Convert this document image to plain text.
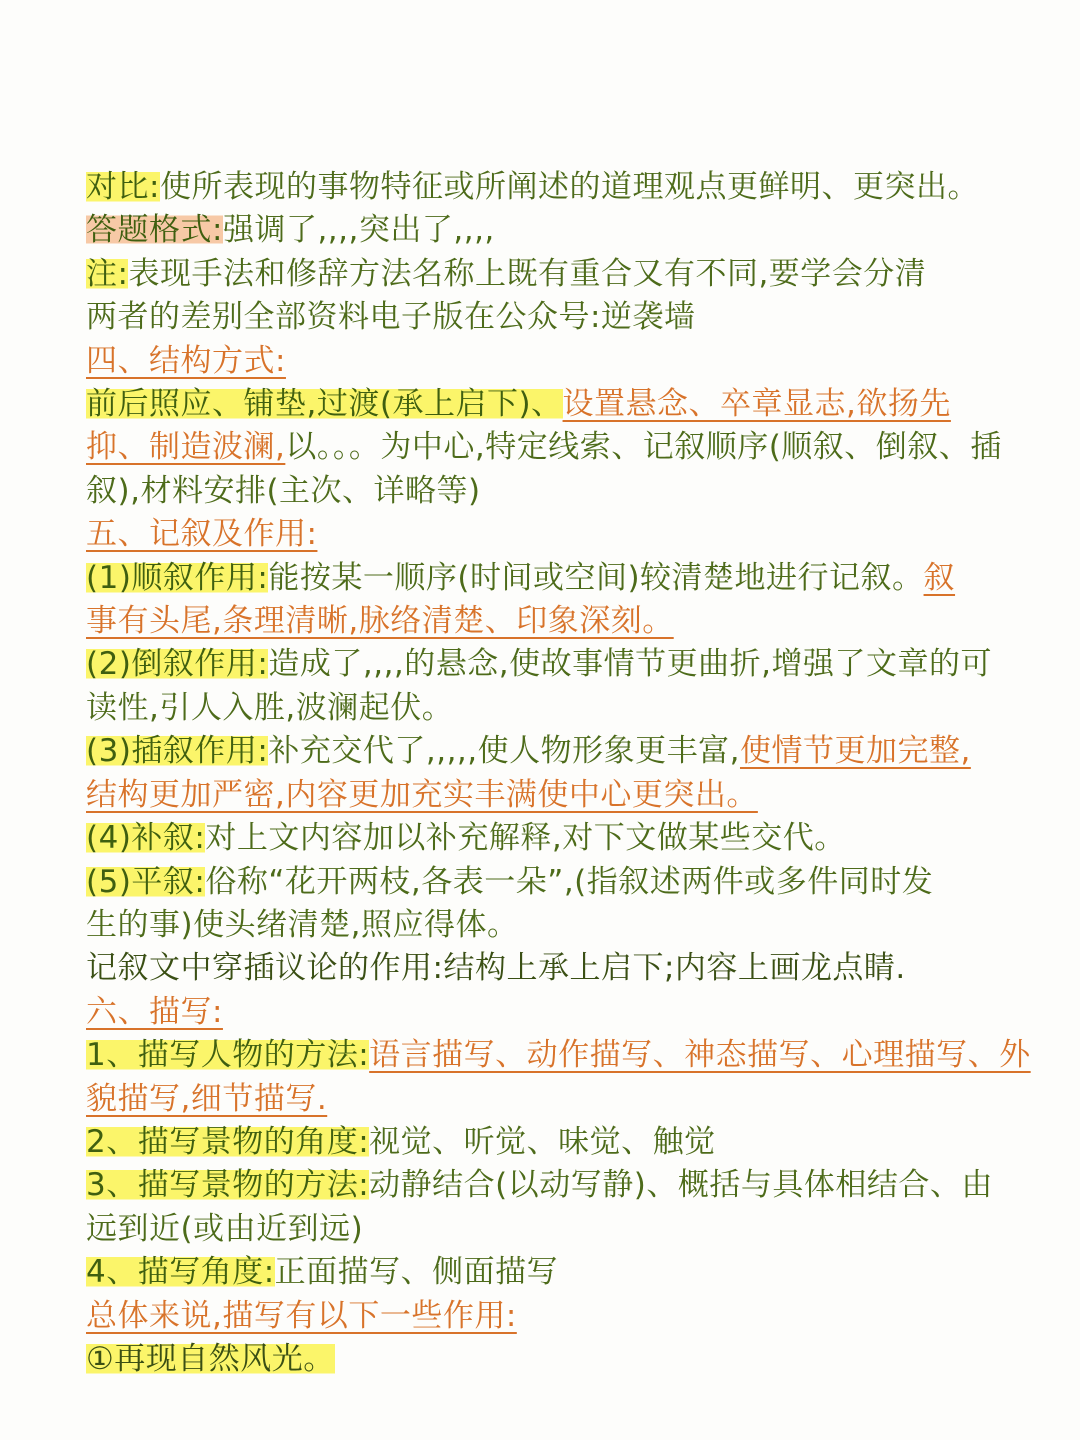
对比:使所表现的事物特征或所阐述的道理观点更鲜明、更突出。
答题格式:强调了,,,,突出了,,,,
注:表现手法和修辞方法名称上既有重合又有不同,要学会分清
两者的差别全部资料电子版在公众号:逆袭墙
四、结构方式:
前后照应、铺垫,过渡(承上启下)、设置悬念、卒章显志,欲扬先
抑、制造波澜,以。。。为中心,特定线索、记叙顺序(顺叙、倒叙、插
叙),材料安排(主次、详略等)
五、记叙及作用:
(1)顺叙作用:能按某一顺序(时间或空间)较清楚地进行记叙。叙
事有头尾,条理清晰,脉络清楚、印象深刻。
(2)倒叙作用:造成了,,,,的悬念,使故事情节更曲折,增强了文章的可
读性,引人入胜,波澜起伏。
(3)插叙作用:补充交代了,,,,,使人物形象更丰富,使情节更加完整,
结构更加严密,内容更加充实丰满使中心更突出。
(4)补叙:对上文内容加以补充解释,对下文做某些交代。
(5)平叙:俗称“花开两枝,各表一朵”,(指叙述两件或多件同时发
生的事)使头绪清楚,照应得体。
记叙文中穿插议论的作用:结构上承上启下;内容上画龙点睛.
六、描写:
1、描写人物的方法:语言描写、动作描写、神态描写、心理描写、外
貌描写,细节描写.
2、描写景物的角度:视觉、听觉、味觉、触觉
3、描写景物的方法:动静结合(以动写静)、概括与具体相结合、由
远到近(或由近到远)
4、描写角度:正面描写、侧面描写
总体来说,描写有以下一些作用:
①再现自然风光。
